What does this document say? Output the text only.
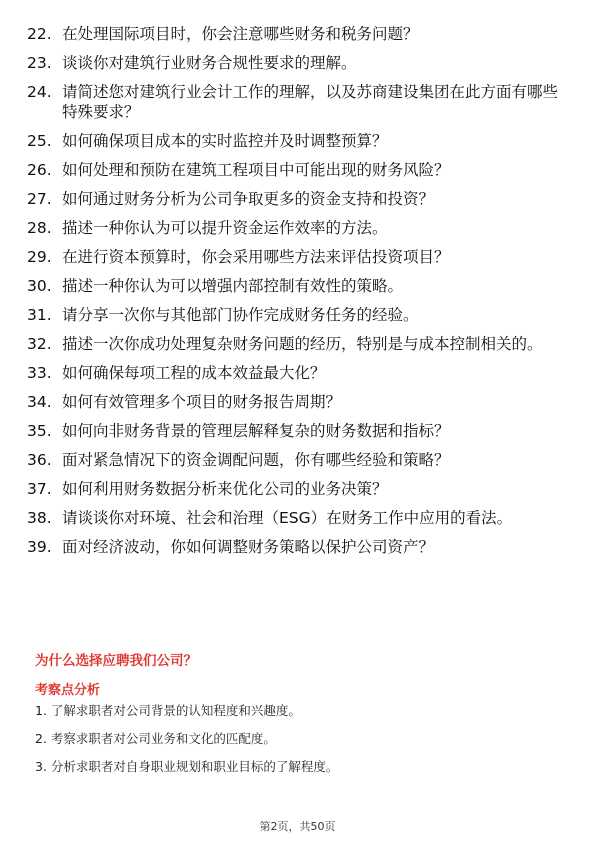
22. 在处理国际项目时，你会注意哪些财务和税务问题？
23. 谈谈你对建筑行业财务合规性要求的理解。
24. 请简述您对建筑行业会计工作的理解，以及苏商建设集团在此方面有哪些特殊要求？
25. 如何确保项目成本的实时监控并及时调整预算？
26. 如何处理和预防在建筑工程项目中可能出现的财务风险？
27. 如何通过财务分析为公司争取更多的资金支持和投资？
28. 描述一种你认为可以提升资金运作效率的方法。
29. 在进行资本预算时，你会采用哪些方法来评估投资项目？
30. 描述一种你认为可以增强内部控制有效性的策略。
31. 请分享一次你与其他部门协作完成财务任务的经验。
32. 描述一次你成功处理复杂财务问题的经历，特别是与成本控制相关的。
33. 如何确保每项工程的成本效益最大化？
34. 如何有效管理多个项目的财务报告周期？
35. 如何向非财务背景的管理层解释复杂的财务数据和指标？
36. 面对紧急情况下的资金调配问题，你有哪些经验和策略？
37. 如何利用财务数据分析来优化公司的业务决策？
38. 请谈谈你对环境、社会和治理（ESG）在财务工作中应用的看法。
39. 面对经济波动，你如何调整财务策略以保护公司资产？
为什么选择应聘我们公司？
考察点分析
1. 了解求职者对公司背景的认知程度和兴趣度。
2. 考察求职者对公司业务和文化的匹配度。
3. 分析求职者对自身职业规划和职业目标的了解程度。
第2页，共50页
